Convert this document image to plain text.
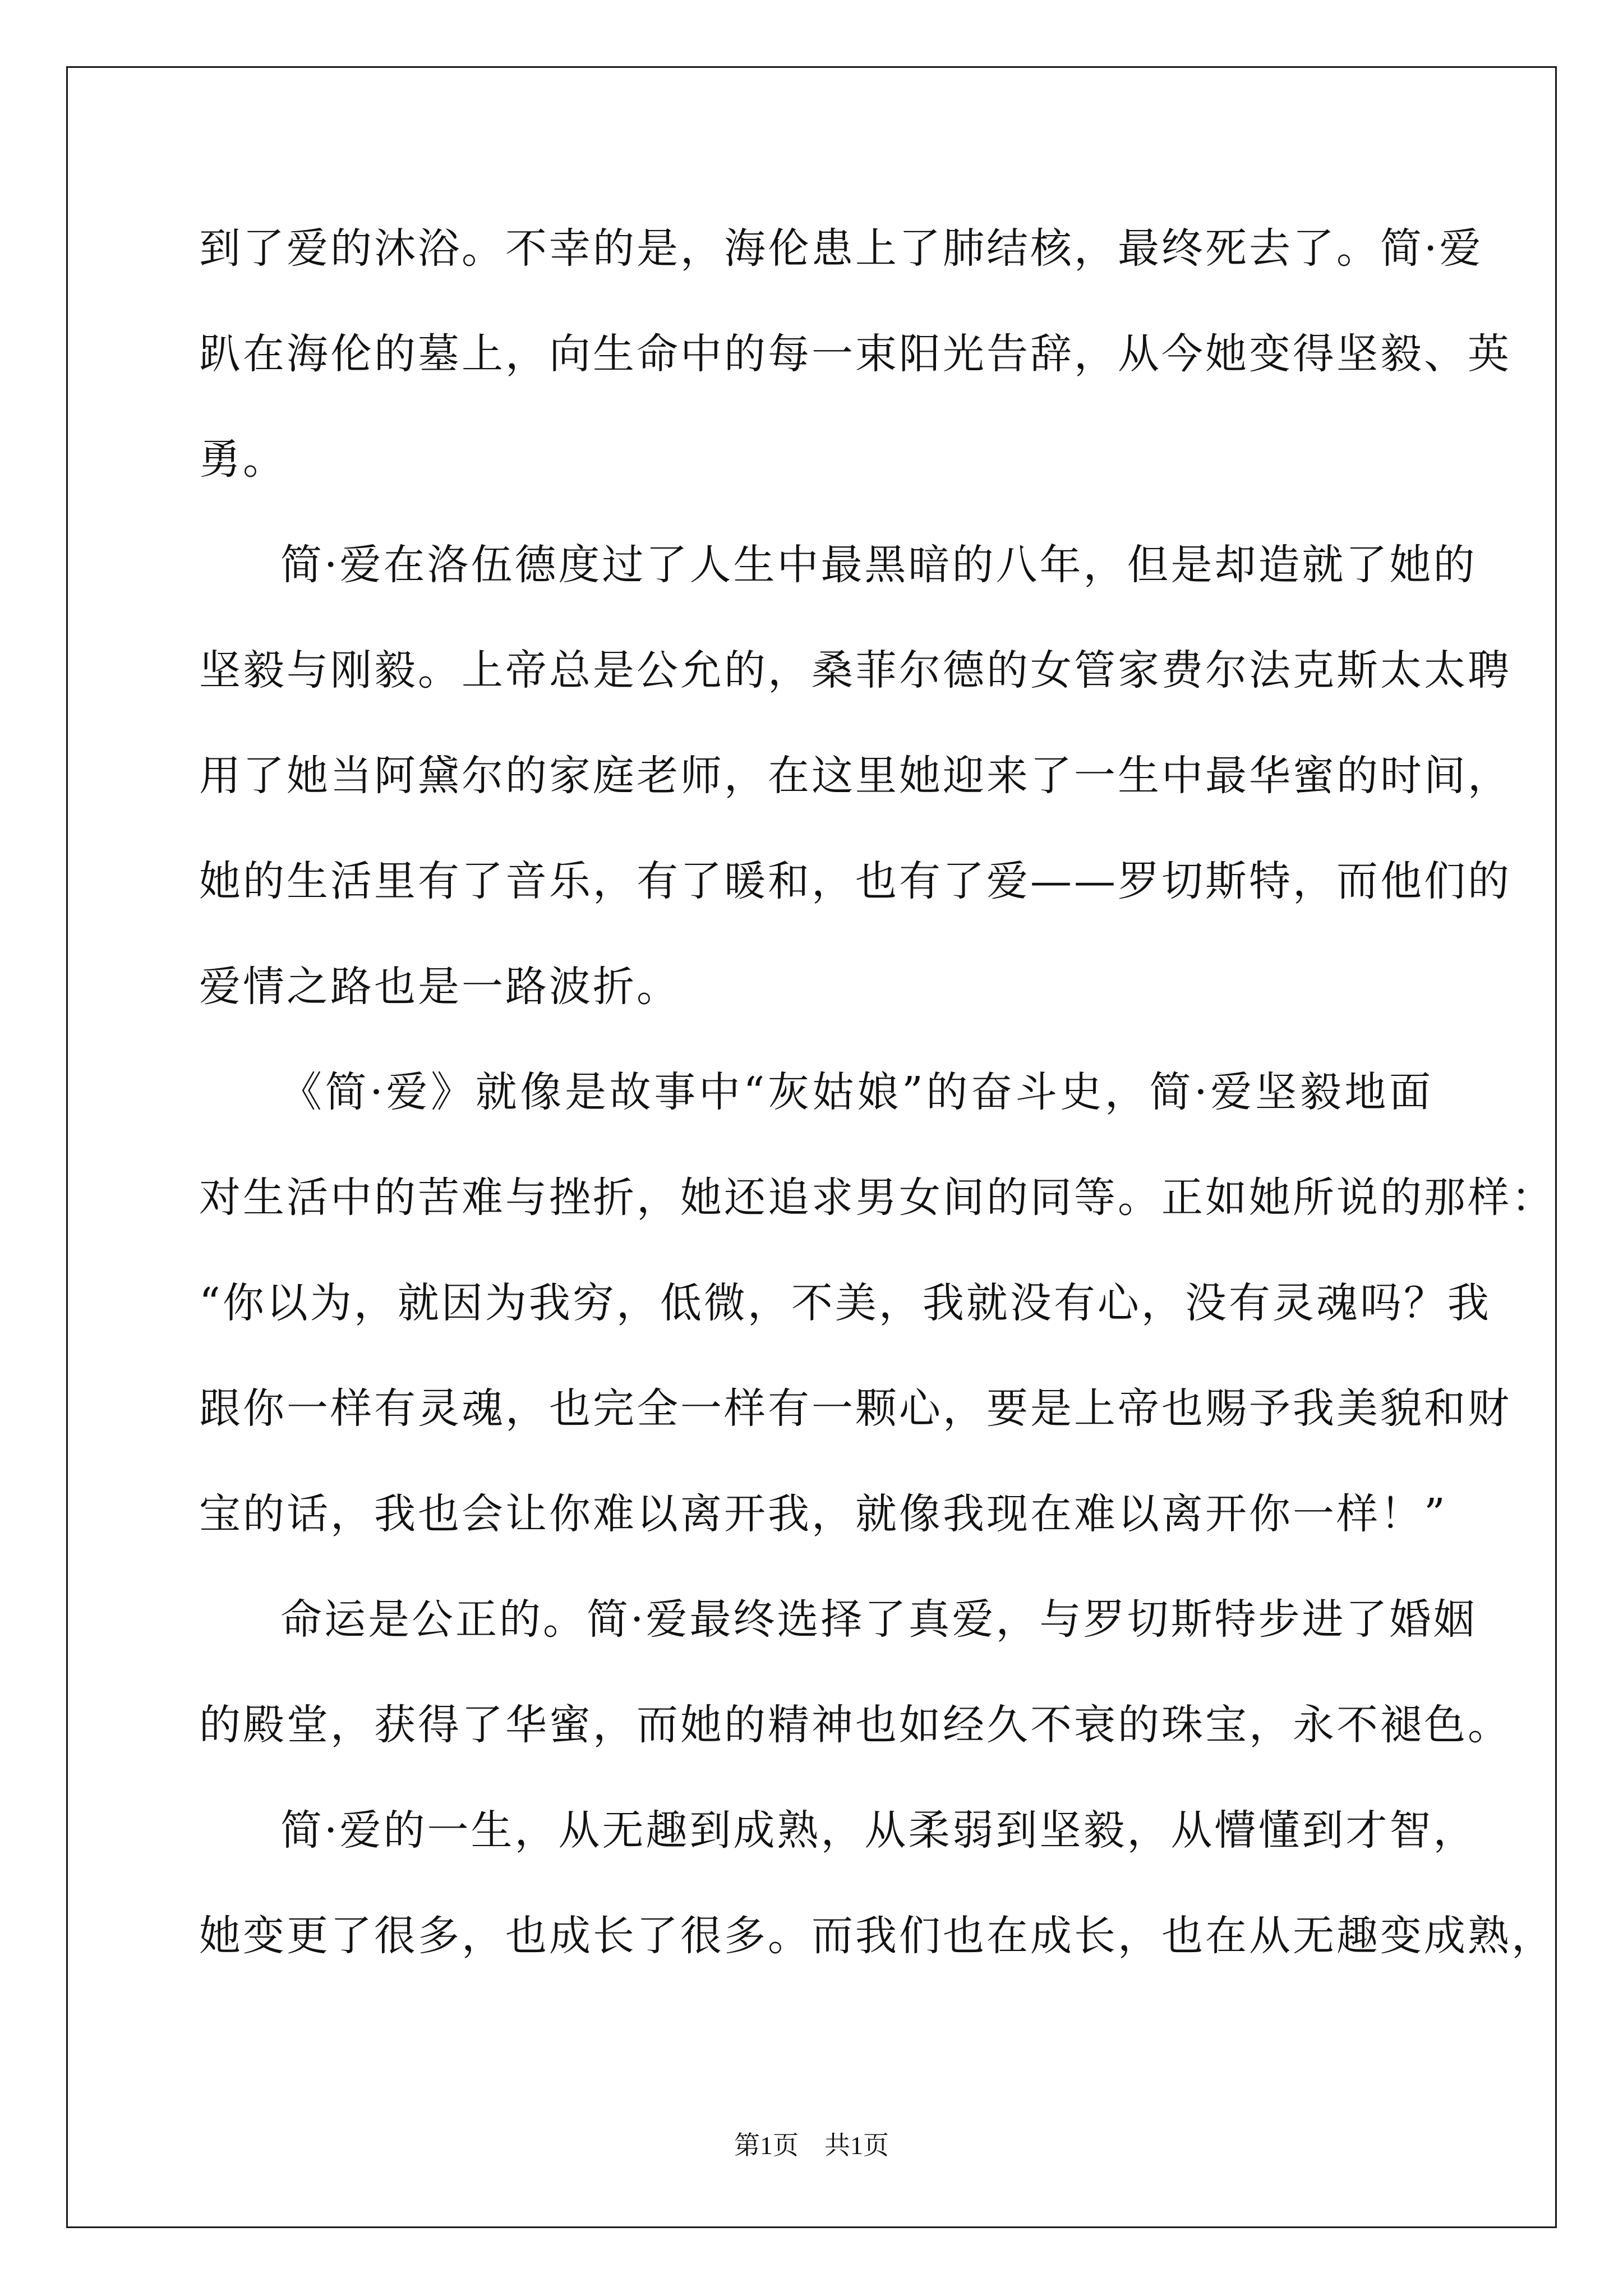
到了爱的沐浴。不幸的是，海伦患上了肺结核，最终死去了。简·爱
趴在海伦的墓上，向生命中的每一束阳光告辞，从今她变得坚毅、英
勇。
简·爱在洛伍德度过了人生中最黑暗的八年，但是却造就了她的
坚毅与刚毅。上帝总是公允的，桑菲尔德的女管家费尔法克斯太太聘
用了她当阿黛尔的家庭老师，在这里她迎来了一生中最华蜜的时间，
她的生活里有了音乐，有了暖和，也有了爱——罗切斯特，而他们的
爱情之路也是一路波折。
《简·爱》就像是故事中“灰姑娘”的奋斗史，简·爱坚毅地面
对生活中的苦难与挫折，她还追求男女间的同等。正如她所说的那样：
“你以为，就因为我穷，低微，不美，我就没有心，没有灵魂吗？我
跟你一样有灵魂，也完全一样有一颗心，要是上帝也赐予我美貌和财
宝的话，我也会让你难以离开我，就像我现在难以离开你一样！”
命运是公正的。简·爱最终选择了真爱，与罗切斯特步进了婚姻
的殿堂，获得了华蜜，而她的精神也如经久不衰的珠宝，永不褪色。
简·爱的一生，从无趣到成熟，从柔弱到坚毅，从懵懂到才智，
她变更了很多，也成长了很多。而我们也在成长，也在从无趣变成熟，
第1页 共1页
